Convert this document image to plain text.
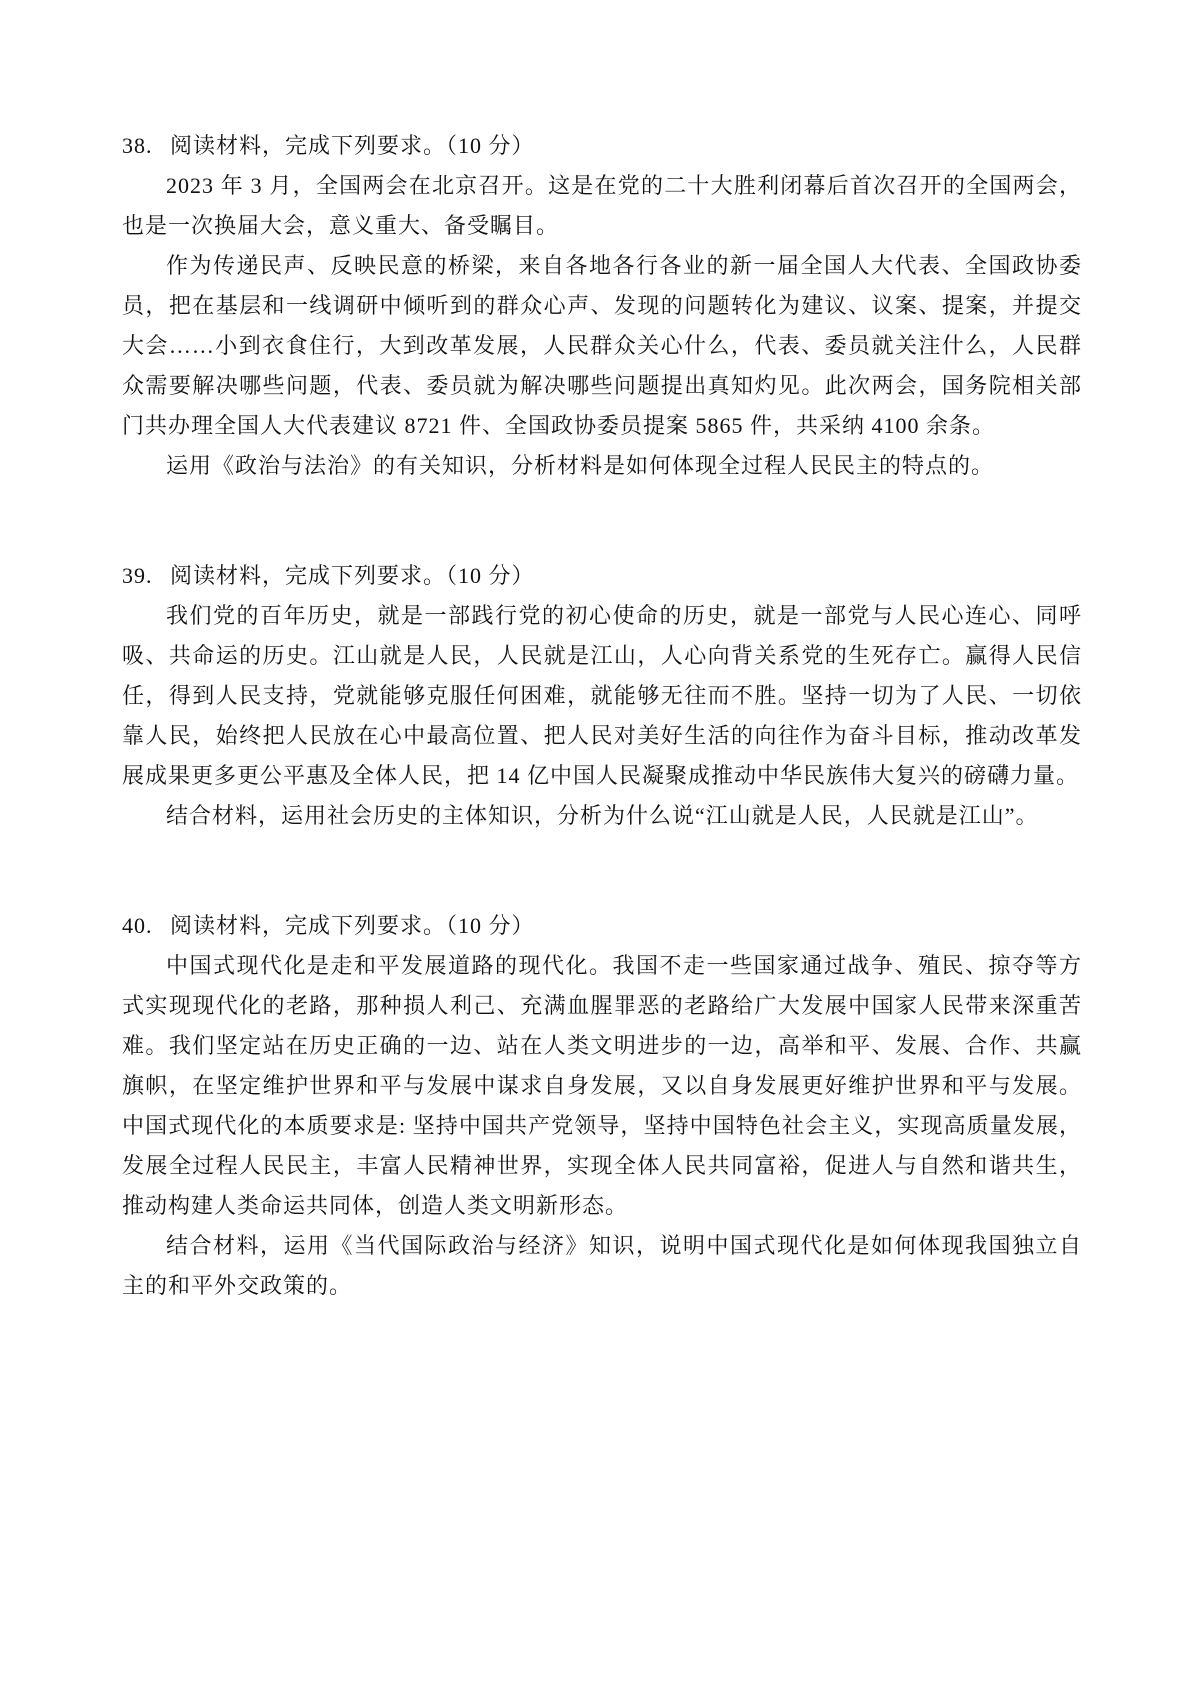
38. 阅读材料，完成下列要求。（10 分）

2023 年 3 月，全国两会在北京召开。这是在党的二十大胜利闭幕后首次召开的全国两会，也是一次换届大会，意义重大、备受瞩目。

作为传递民声、反映民意的桥梁，来自各地各行各业的新一届全国人大代表、全国政协委员，把在基层和一线调研中倾听到的群众心声、发现的问题转化为建议、议案、提案，并提交大会……小到衣食住行，大到改革发展，人民群众关心什么，代表、委员就关注什么，人民群众需要解决哪些问题，代表、委员就为解决哪些问题提出真知灼见。此次两会，国务院相关部门共办理全国人大代表建议 8721 件、全国政协委员提案 5865 件，共采纳 4100 余条。

运用《政治与法治》的有关知识，分析材料是如何体现全过程人民民主的特点的。

39. 阅读材料，完成下列要求。（10 分）

我们党的百年历史，就是一部践行党的初心使命的历史，就是一部党与人民心连心、同呼吸、共命运的历史。江山就是人民，人民就是江山，人心向背关系党的生死存亡。赢得人民信任，得到人民支持，党就能够克服任何困难，就能够无往而不胜。坚持一切为了人民、一切依靠人民，始终把人民放在心中最高位置、把人民对美好生活的向往作为奋斗目标，推动改革发展成果更多更公平惠及全体人民，把 14 亿中国人民凝聚成推动中华民族伟大复兴的磅礴力量。

结合材料，运用社会历史的主体知识，分析为什么说“江山就是人民，人民就是江山”。

40. 阅读材料，完成下列要求。（10 分）

中国式现代化是走和平发展道路的现代化。我国不走一些国家通过战争、殖民、掠夺等方式实现现代化的老路，那种损人利己、充满血腥罪恶的老路给广大发展中国家人民带来深重苦难。我们坚定站在历史正确的一边、站在人类文明进步的一边，高举和平、发展、合作、共赢旗帜，在坚定维护世界和平与发展中谋求自身发展，又以自身发展更好维护世界和平与发展。中国式现代化的本质要求是: 坚持中国共产党领导，坚持中国特色社会主义，实现高质量发展，发展全过程人民民主，丰富人民精神世界，实现全体人民共同富裕，促进人与自然和谐共生，推动构建人类命运共同体，创造人类文明新形态。

结合材料，运用《当代国际政治与经济》知识，说明中国式现代化是如何体现我国独立自主的和平外交政策的。
